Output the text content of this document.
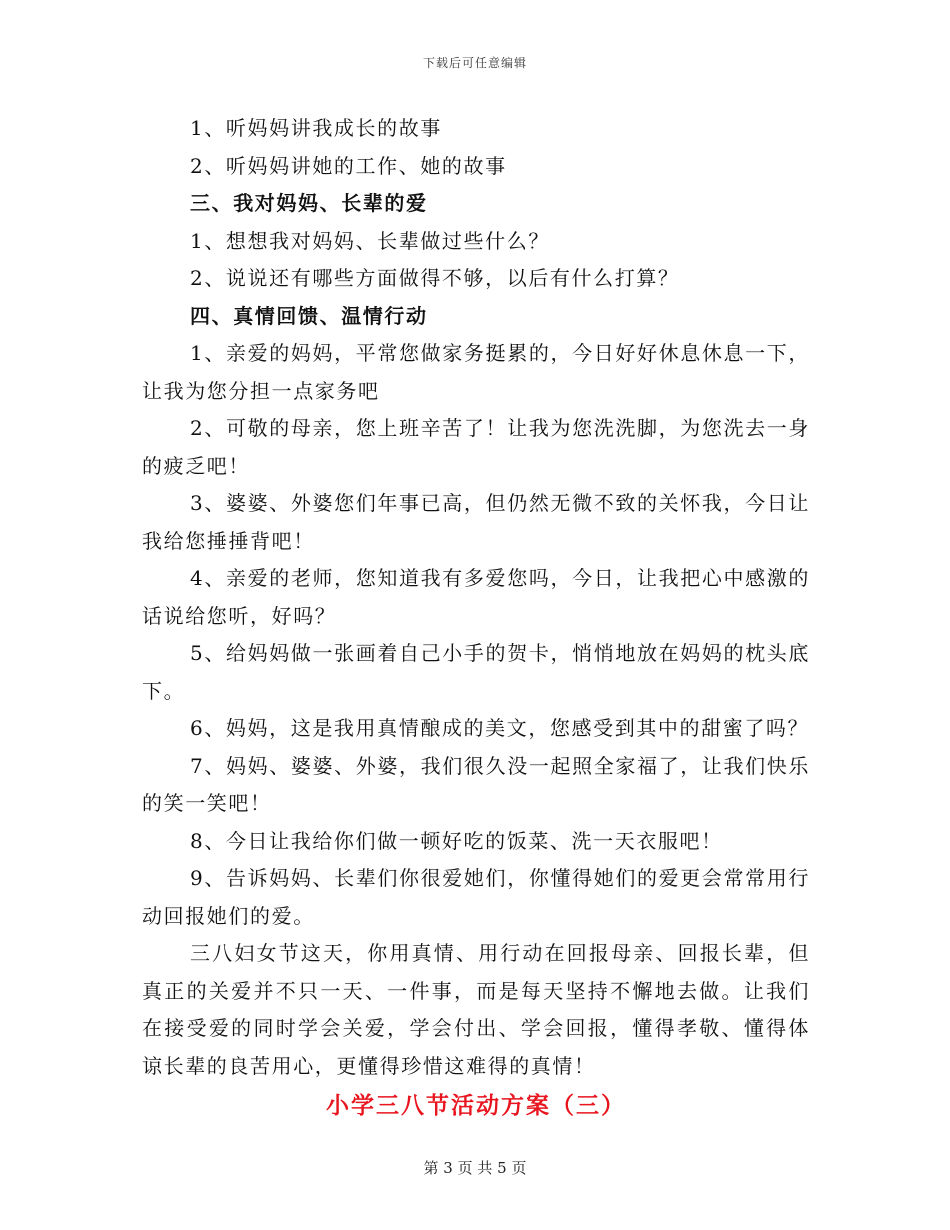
下载后可任意编辑

1、听妈妈讲我成长的故事

2、听妈妈讲她的工作、她的故事

三、我对妈妈、长辈的爱

1、想想我对妈妈、长辈做过些什么？

2、说说还有哪些方面做得不够，以后有什么打算？

四、真情回馈、温情行动

1、亲爱的妈妈，平常您做家务挺累的，今日好好休息休息一下，让我为您分担一点家务吧

2、可敬的母亲，您上班辛苦了！让我为您洗洗脚，为您洗去一身的疲乏吧！

3、婆婆、外婆您们年事已高，但仍然无微不致的关怀我，今日让我给您捶捶背吧！

4、亲爱的老师，您知道我有多爱您吗，今日，让我把心中感激的话说给您听，好吗？

5、给妈妈做一张画着自己小手的贺卡，悄悄地放在妈妈的枕头底下。

6、妈妈，这是我用真情酿成的美文，您感受到其中的甜蜜了吗？

7、妈妈、婆婆、外婆，我们很久没一起照全家福了，让我们快乐的笑一笑吧！

8、今日让我给你们做一顿好吃的饭菜、洗一天衣服吧！

9、告诉妈妈、长辈们你很爱她们，你懂得她们的爱更会常常用行动回报她们的爱。

三八妇女节这天，你用真情、用行动在回报母亲、回报长辈，但真正的关爱并不只一天、一件事，而是每天坚持不懈地去做。让我们在接受爱的同时学会关爱，学会付出、学会回报，懂得孝敬、懂得体谅长辈的良苦用心，更懂得珍惜这难得的真情！

小学三八节活动方案（三）
第 3 页 共 5 页
